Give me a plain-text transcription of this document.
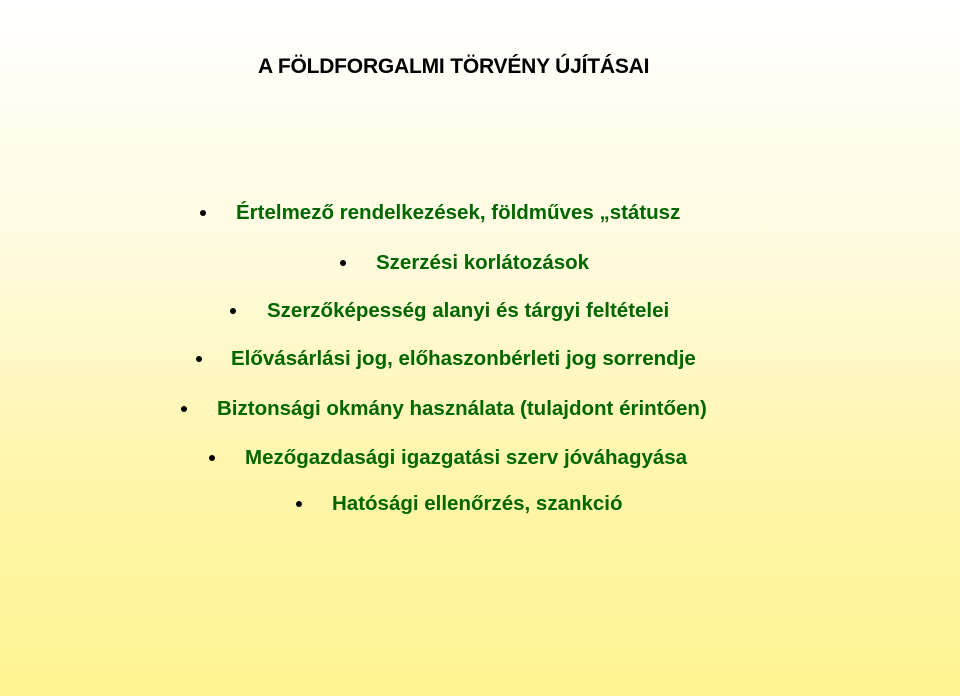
A FÖLDFORGALMI TÖRVÉNY ÚJÍTÁSAI
Értelmező rendelkezések, földműves „státusz
Szerzési korlátozások
Szerzőképesség alanyi és tárgyi feltételei
Elővásárlási jog, előhaszonbérleti jog sorrendje
Biztonsági okmány használata (tulajdont érintően)
Mezőgazdasági igazgatási szerv jóváhagyása
Hatósági ellenőrzés, szankció
